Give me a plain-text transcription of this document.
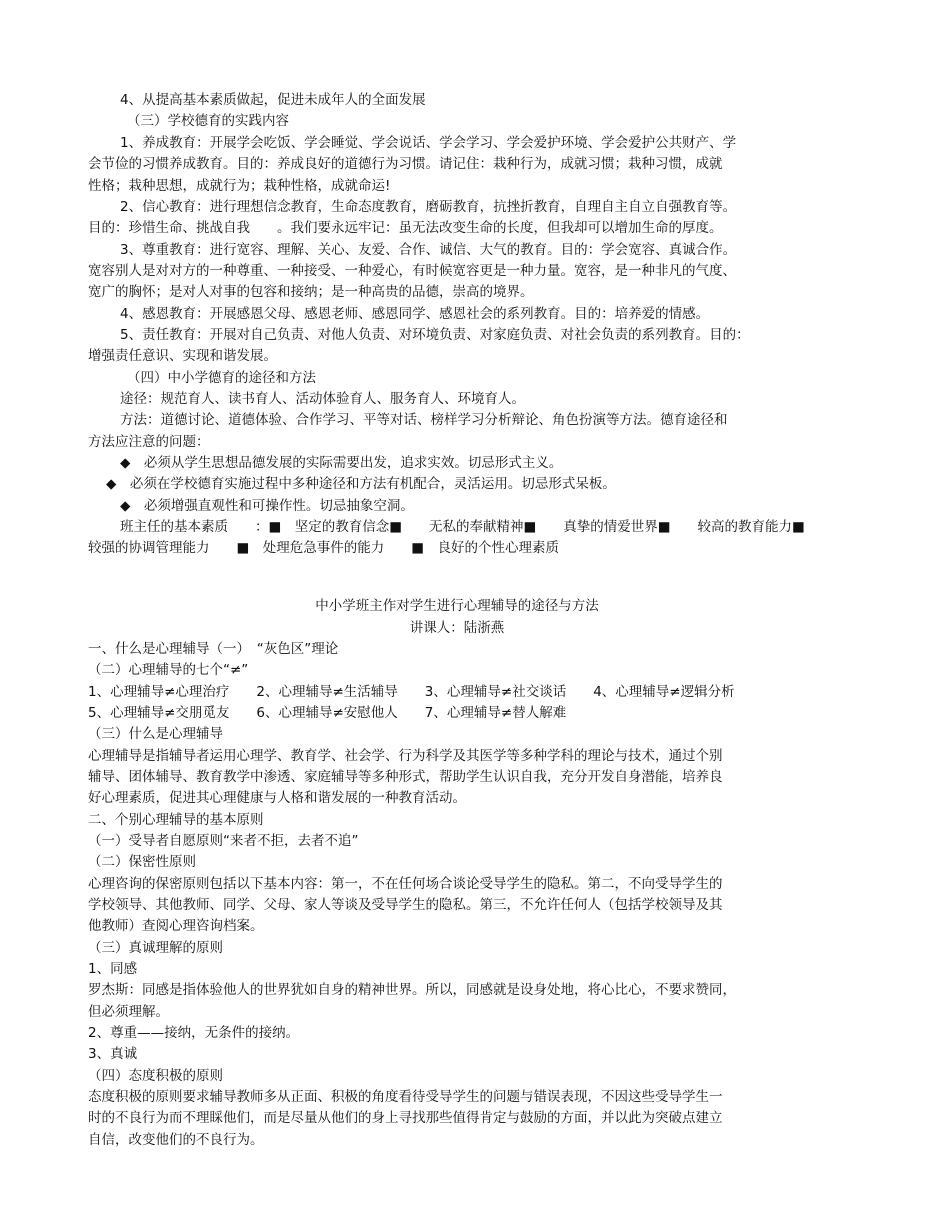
4、从提高基本素质做起，促进未成年人的全面发展
（三）学校德育的实践内容
1、养成教育：开展学会吃饭、学会睡觉、学会说话、学会学习、学会爱护环境、学会爱护公共财产、学
会节俭的习惯养成教育。目的：养成良好的道德行为习惯。请记住：栽种行为，成就习惯；栽种习惯，成就
性格；栽种思想，成就行为；栽种性格，成就命运!
2、信心教育：进行理想信念教育，生命态度教育，磨砺教育，抗挫折教育，自理自主自立自强教育等。
目的：珍惜生命、挑战自我　　。我们要永远牢记：虽无法改变生命的长度，但我却可以增加生命的厚度。
3、尊重教育：进行宽容、理解、关心、友爱、合作、诚信、大气的教育。目的：学会宽容、真诚合作。
宽容别人是对对方的一种尊重、一种接受、一种爱心，有时候宽容更是一种力量。宽容，是一种非凡的气度、
宽广的胸怀；是对人对事的包容和接纳；是一种高贵的品德，崇高的境界。
4、感恩教育：开展感恩父母、感恩老师、感恩同学、感恩社会的系列教育。目的：培养爱的情感。
5、责任教育：开展对自己负责、对他人负责、对环境负责、对家庭负责、对社会负责的系列教育。目的：
增强责任意识、实现和谐发展。
（四）中小学德育的途径和方法
途径：规范育人、读书育人、活动体验育人、服务育人、环境育人。
方法：道德讨论、道德体验、合作学习、平等对话、榜样学习分析辩论、角色扮演等方法。德育途径和
方法应注意的问题：
◆　必须从学生思想品德发展的实际需要出发，追求实效。切忌形式主义。
◆　必须在学校德育实施过程中多种途径和方法有机配合，灵活运用。切忌形式呆板。
◆　必须增强直观性和可操作性。切忌抽象空洞。
班主任的基本素质　　：■　坚定的教育信念■　　无私的奉献精神■　　真挚的情爱世界■　　较高的教育能力■
较强的协调管理能力　　■　处理危急事件的能力　　■　良好的个性心理素质
中小学班主作对学生进行心理辅导的途径与方法
讲课人：陆浙燕
一、什么是心理辅导（一）　“灰色区”理论
（二）心理辅导的七个“≠”
1、心理辅导≠心理治疗　　2、心理辅导≠生活辅导　　3、心理辅导≠社交谈话　　4、心理辅导≠逻辑分析
5、心理辅导≠交朋觅友　　6、心理辅导≠安慰他人　　7、心理辅导≠替人解难
（三）什么是心理辅导
心理辅导是指辅导者运用心理学、教育学、社会学、行为科学及其医学等多种学科的理论与技术，通过个别
辅导、团体辅导、教育教学中渗透、家庭辅导等多种形式，帮助学生认识自我，充分开发自身潜能，培养良
好心理素质，促进其心理健康与人格和谐发展的一种教育活动。
二、个别心理辅导的基本原则
（一）受导者自愿原则“来者不拒，去者不追”
（二）保密性原则
心理咨询的保密原则包括以下基本内容：第一，不在任何场合谈论受导学生的隐私。第二，不向受导学生的
学校领导、其他教师、同学、父母、家人等谈及受导学生的隐私。第三，不允许任何人（包括学校领导及其
他教师）查阅心理咨询档案。
（三）真诚理解的原则
1、同感
罗杰斯：同感是指体验他人的世界犹如自身的精神世界。所以，同感就是设身处地，将心比心，不要求赞同，
但必须理解。
2、尊重——接纳，无条件的接纳。
3、真诚
（四）态度积极的原则
态度积极的原则要求辅导教师多从正面、积极的角度看待受导学生的问题与错误表现，不因这些受导学生一
时的不良行为而不理睬他们，而是尽量从他们的身上寻找那些值得肯定与鼓励的方面，并以此为突破点建立
自信，改变他们的不良行为。
